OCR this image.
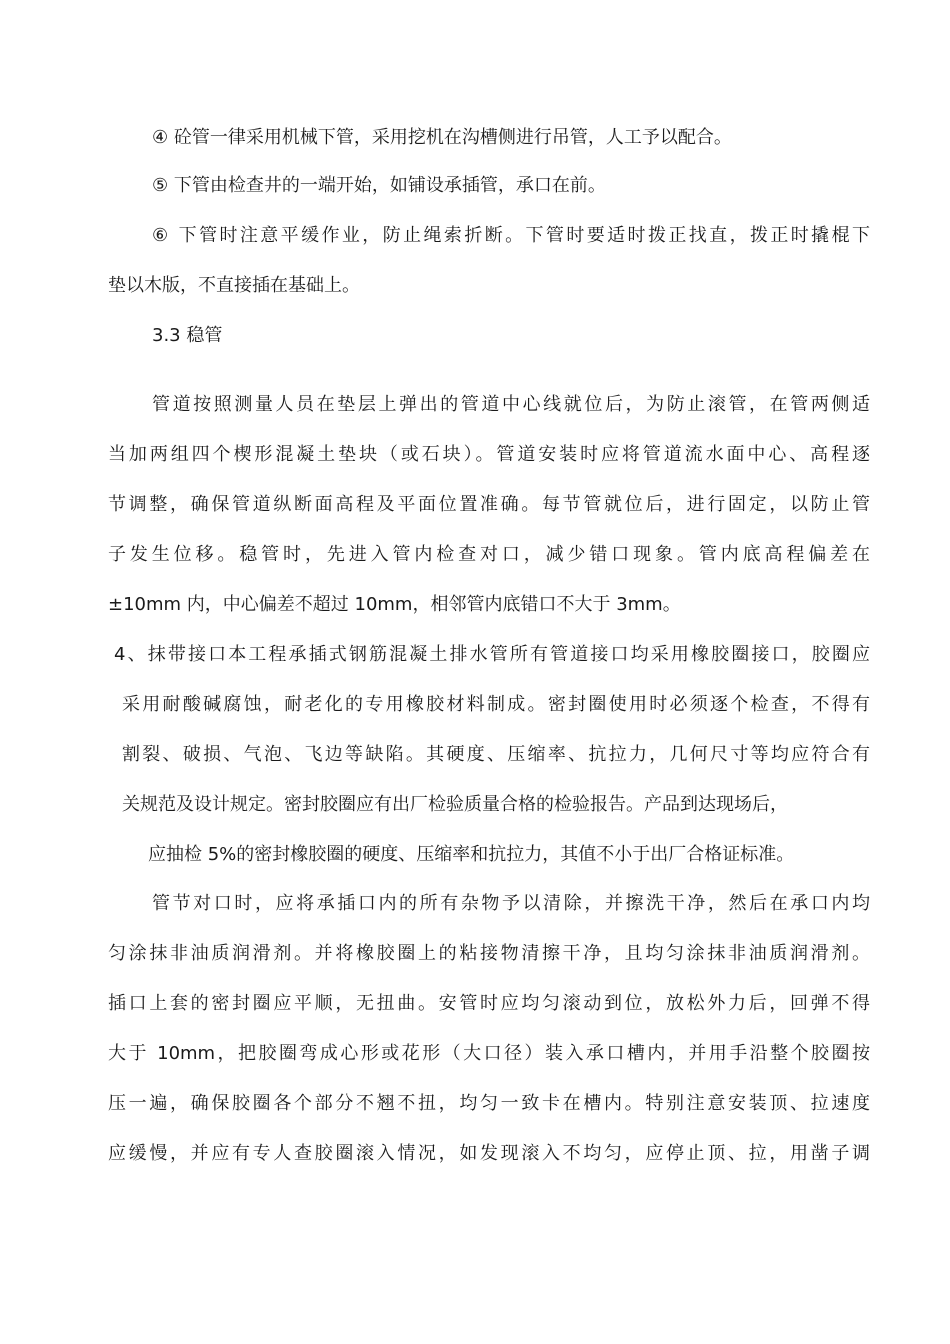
④ 砼管一律采用机械下管，采用挖机在沟槽侧进行吊管，人工予以配合。
⑤ 下管由检查井的一端开始，如铺设承插管，承口在前。
⑥ 下管时注意平缓作业，防止绳索折断。下管时要适时拨正找直，拨正时撬棍下
垫以木版，不直接插在基础上。
3.3 稳管
管道按照测量人员在垫层上弹出的管道中心线就位后，为防止滚管，在管两侧适
当加两组四个楔形混凝土垫块（或石块）。管道安装时应将管道流水面中心、高程逐
节调整，确保管道纵断面高程及平面位置准确。每节管就位后，进行固定，以防止管
子发生位移。稳管时，先进入管内检查对口，减少错口现象。管内底高程偏差在
±10mm 内，中心偏差不超过 10mm，相邻管内底错口不大于 3mm。
4、抹带接口本工程承插式钢筋混凝土排水管所有管道接口均采用橡胶圈接口，胶圈应
采用耐酸碱腐蚀，耐老化的专用橡胶材料制成。密封圈使用时必须逐个检查，不得有
割裂、破损、气泡、飞边等缺陷。其硬度、压缩率、抗拉力，几何尺寸等均应符合有
关规范及设计规定。密封胶圈应有出厂检验质量合格的检验报告。产品到达现场后，
应抽检 5%的密封橡胶圈的硬度、压缩率和抗拉力，其值不小于出厂合格证标准。
管节对口时，应将承插口内的所有杂物予以清除，并擦洗干净，然后在承口内均
匀涂抹非油质润滑剂。并将橡胶圈上的粘接物清擦干净，且均匀涂抹非油质润滑剂。
插口上套的密封圈应平顺，无扭曲。安管时应均匀滚动到位，放松外力后，回弹不得
大于 10mm，把胶圈弯成心形或花形（大口径）装入承口槽内，并用手沿整个胶圈按
压一遍，确保胶圈各个部分不翘不扭，均匀一致卡在槽内。特别注意安装顶、拉速度
应缓慢，并应有专人查胶圈滚入情况，如发现滚入不均匀，应停止顶、拉，用凿子调
